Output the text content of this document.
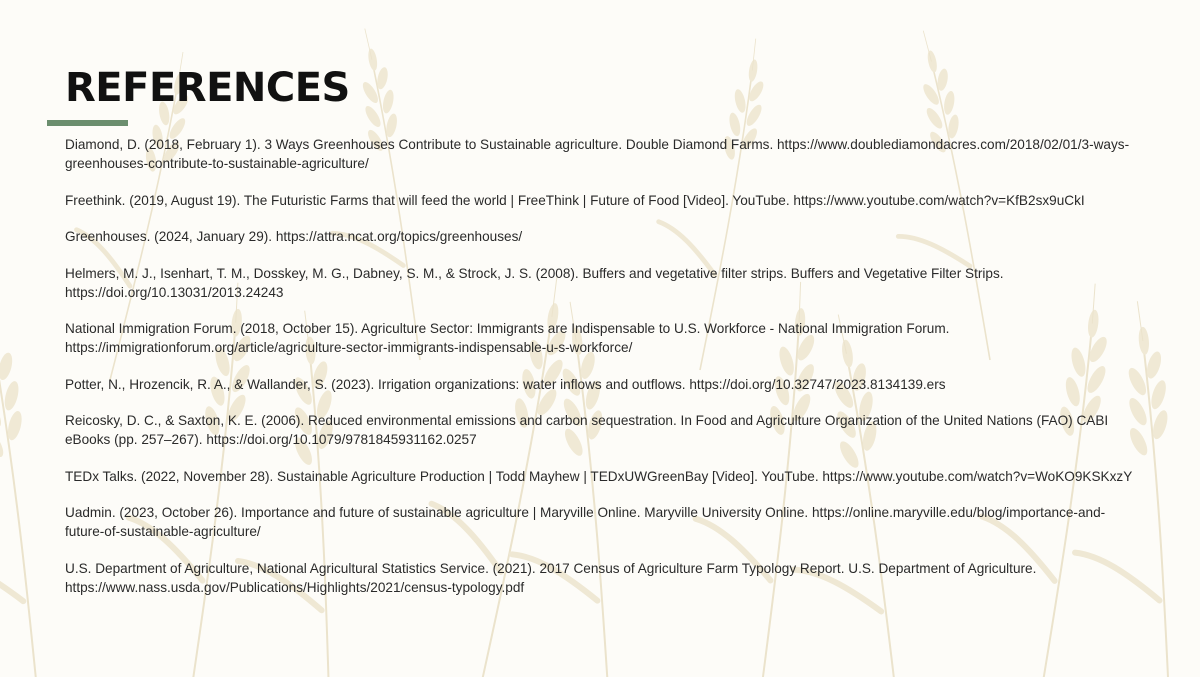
REFERENCES
Diamond, D. (2018, February 1). 3 Ways Greenhouses Contribute to Sustainable agriculture. Double Diamond Farms. https://www.doublediamondacres.com/2018/02/01/3-ways-greenhouses-contribute-to-sustainable-agriculture/
Freethink. (2019, August 19). The Futuristic Farms that will feed the world | FreeThink | Future of Food [Video]. YouTube. https://www.youtube.com/watch?v=KfB2sx9uCkI
Greenhouses. (2024, January 29). https://attra.ncat.org/topics/greenhouses/
Helmers, M. J., Isenhart, T. M., Dosskey, M. G., Dabney, S. M., & Strock, J. S. (2008). Buffers and vegetative filter strips. Buffers and Vegetative Filter Strips. https://doi.org/10.13031/2013.24243
National Immigration Forum. (2018, October 15). Agriculture Sector: Immigrants are Indispensable to U.S. Workforce - National Immigration Forum. https://immigrationforum.org/article/agriculture-sector-immigrants-indispensable-u-s-workforce/
Potter, N., Hrozencik, R. A., & Wallander, S. (2023). Irrigation organizations: water inflows and outflows. https://doi.org/10.32747/2023.8134139.ers
Reicosky, D. C., & Saxton, K. E. (2006). Reduced environmental emissions and carbon sequestration. In Food and Agriculture Organization of the United Nations (FAO) CABI eBooks (pp. 257–267). https://doi.org/10.1079/9781845931162.0257
TEDx Talks. (2022, November 28). Sustainable Agriculture Production | Todd Mayhew | TEDxUWGreenBay [Video]. YouTube. https://www.youtube.com/watch?v=WoKO9KSKxzY
Uadmin. (2023, October 26). Importance and future of sustainable agriculture | Maryville Online. Maryville University Online. https://online.maryville.edu/blog/importance-and-future-of-sustainable-agriculture/
U.S. Department of Agriculture, National Agricultural Statistics Service. (2021). 2017 Census of Agriculture Farm Typology Report. U.S. Department of Agriculture. https://www.nass.usda.gov/Publications/Highlights/2021/census-typology.pdf
